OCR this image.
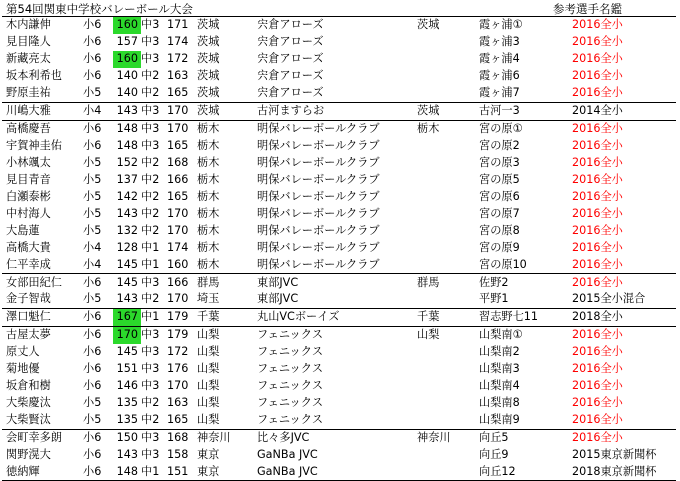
第54回関東中学校バレーボール大会	参考選手名鑑
木内謙伸	小6	160	中3	171	茨城	宍倉アローズ	茨城	霞ヶ浦①	2016全小
見目隆人	小6	157	中3	174	茨城	宍倉アローズ		霞ヶ浦3	2016全小
新藏亮太	小6	160	中3	172	茨城	宍倉アローズ		霞ヶ浦4	2016全小
坂本利希也	小6	140	中2	163	茨城	宍倉アローズ		霞ヶ浦6	2016全小
野原圭祐	小5	140	中2	165	茨城	宍倉アローズ		霞ヶ浦7	2016全小
川嶋大雅	小4	143	中3	170	茨城	古河ますらお	茨城	古河一3	2014全小
高橋慶吾	小6	148	中3	170	栃木	明保バレーボールクラブ	栃木	宮の原①	2016全小
宇賀神圭佑	小6	148	中3	165	栃木	明保バレーボールクラブ		宮の原2	2016全小
小林颯太	小5	152	中2	168	栃木	明保バレーボールクラブ		宮の原3	2016全小
見目青音	小5	137	中2	166	栃木	明保バレーボールクラブ		宮の原5	2016全小
白瀬泰彬	小5	142	中2	165	栃木	明保バレーボールクラブ		宮の原6	2016全小
中村海人	小5	143	中2	170	栃木	明保バレーボールクラブ		宮の原7	2016全小
大島蓮	小5	132	中2	170	栃木	明保バレーボールクラブ		宮の原8	2016全小
高橋大貴	小4	128	中1	174	栃木	明保バレーボールクラブ		宮の原9	2016全小
仁平幸成	小4	145	中1	160	栃木	明保バレーボールクラブ		宮の原10	2016全小
女部田紀仁	小6	145	中3	166	群馬	東部JVC	群馬	佐野2	2016全小
金子智哉	小5	143	中2	170	埼玉	東部JVC		平野1	2015全小混合
澤口魁仁	小6	167	中1	179	千葉	丸山VCボーイズ	千葉	習志野七11	2018全小
古屋太夢	小6	170	中3	179	山梨	フェニックス	山梨	山梨南①	2016全小
原丈人	小6	145	中3	172	山梨	フェニックス		山梨南2	2016全小
菊地優	小6	151	中3	176	山梨	フェニックス		山梨南3	2016全小
坂倉和樹	小6	146	中3	170	山梨	フェニックス		山梨南4	2016全小
大柴慶汰	小5	135	中2	163	山梨	フェニックス		山梨南8	2016全小
大柴賢汰	小5	135	中2	165	山梨	フェニックス		山梨南9	2016全小
会町幸多朗	小6	150	中3	168	神奈川	比々多JVC	神奈川	向丘5	2016全小
関野滉大	小6	143	中3	158	東京	GaNBa JVC		向丘9	2015東京新聞杯
徳納輝	小6	148	中1	151	東京	GaNBa JVC		向丘12	2018東京新聞杯
